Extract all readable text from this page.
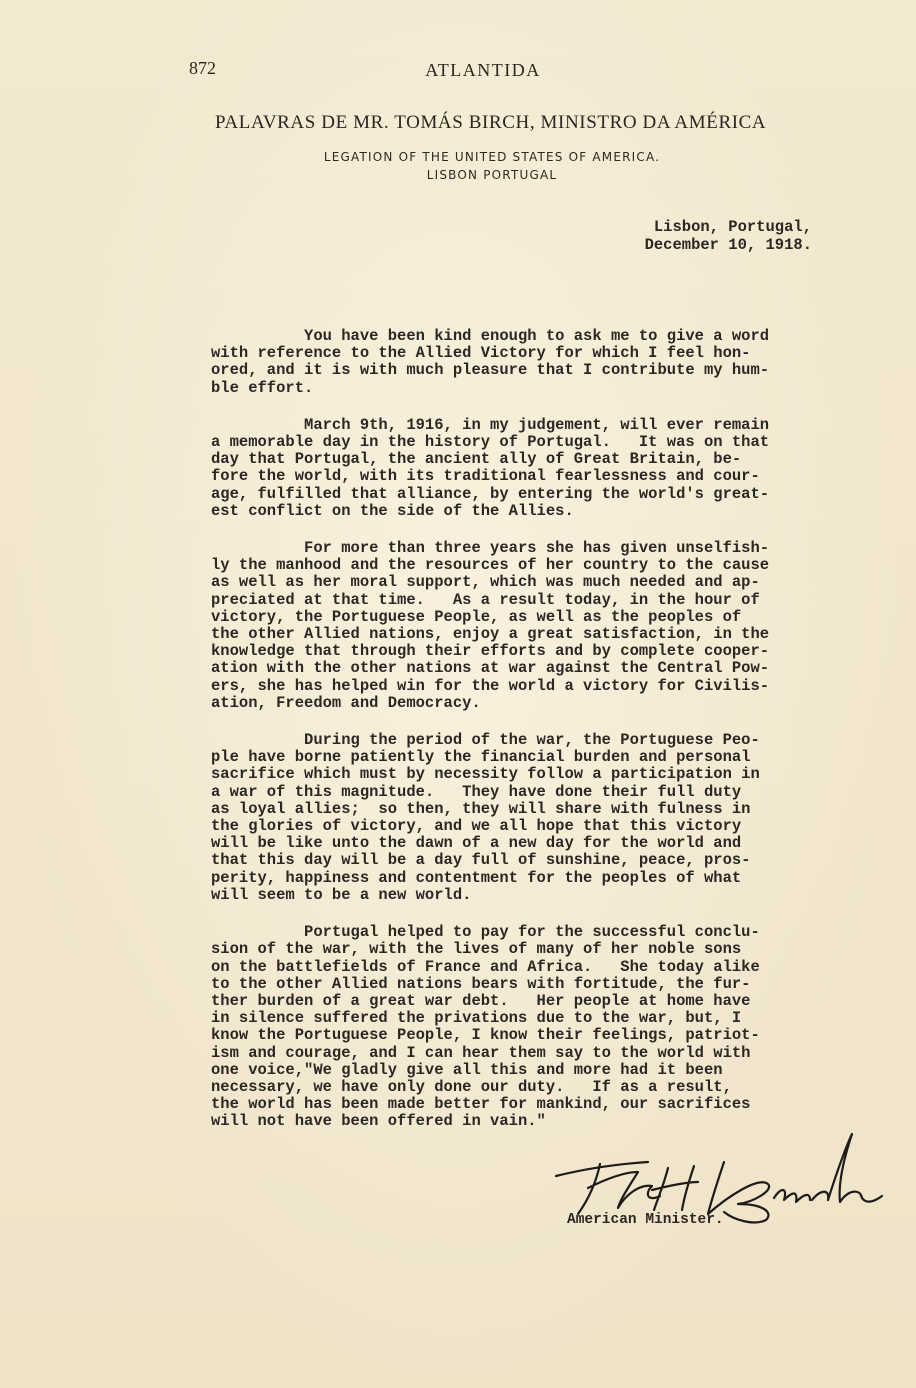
872	ATLANTIDA
PALAVRAS DE MR. TOMÁS BIRCH, MINISTRO DA AMÉRICA
LEGATION OF THE UNITED STATES OF AMERICA.
LISBON PORTUGAL
Lisbon, Portugal,
December 10, 1918.

You have been kind enough to ask me to give a word
with reference to the Allied Victory for which I feel hon-
ored, and it is with much pleasure that I contribute my hum-
ble effort.

March 9th, 1916, in my judgement, will ever remain
a memorable day in the history of Portugal.   It was on that
day that Portugal, the ancient ally of Great Britain, be-
fore the world, with its traditional fearlessness and cour-
age, fulfilled that alliance, by entering the world's great-
est conflict on the side of the Allies.

For more than three years she has given unselfish-
ly the manhood and the resources of her country to the cause
as well as her moral support, which was much needed and ap-
preciated at that time.   As a result today, in the hour of
victory, the Portuguese People, as well as the peoples of
the other Allied nations, enjoy a great satisfaction, in the
knowledge that through their efforts and by complete cooper-
ation with the other nations at war against the Central Pow-
ers, she has helped win for the world a victory for Civilis-
ation, Freedom and Democracy.

During the period of the war, the Portuguese Peo-
ple have borne patiently the financial burden and personal
sacrifice which must by necessity follow a participation in
a war of this magnitude.   They have done their full duty
as loyal allies;  so then, they will share with fulness in
the glories of victory, and we all hope that this victory
will be like unto the dawn of a new day for the world and
that this day will be a day full of sunshine, peace, pros-
perity, happiness and contentment for the peoples of what
will seem to be a new world.

Portugal helped to pay for the successful conclu-
sion of the war, with the lives of many of her noble sons
on the battlefields of France and Africa.   She today alike
to the other Allied nations bears with fortitude, the fur-
ther burden of a great war debt.   Her people at home have
in silence suffered the privations due to the war, but, I
know the Portuguese People, I know their feelings, patriot-
ism and courage, and I can hear them say to the world with
one voice,"We gladly give all this and more had it been
necessary, we have only done our duty.   If as a result,
the world has been made better for mankind, our sacrifices
will not have been offered in vain."

American Minister.
